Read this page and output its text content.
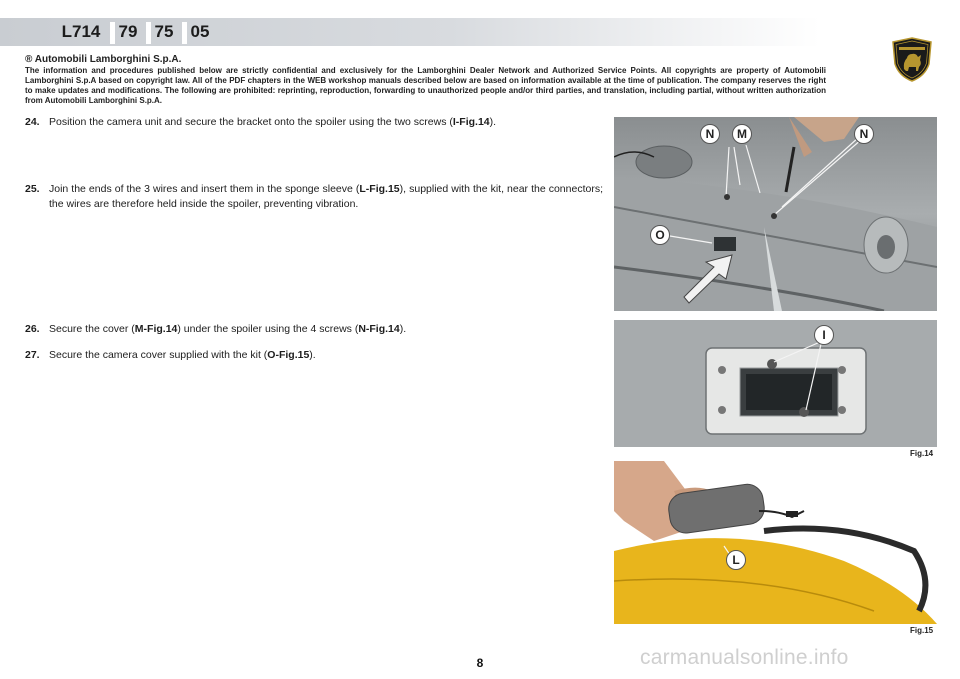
L714	79	75	05
® Automobili Lamborghini S.p.A.
The information and procedures published below are strictly confidential and exclusively for the Lamborghini Dealer Network and Authorized Service Points. All copyrights are property of Automobili Lamborghini S.p.A based on copyright law. All of the PDF chapters in the WEB workshop manuals described below are based on information available at the time of publication. The company reserves the right to make updates and modifications. The following are prohibited: reprinting, reproduction, forwarding to unauthorized people and/or third parties, and translation, including partial, without written authorization from Automobili Lamborghini S.p.A.
24. Position the camera unit and secure the bracket onto the spoiler using the two screws (I-Fig.14).
25. Join the ends of the 3 wires and insert them in the sponge sleeve (L-Fig.15), supplied with the kit, near the connectors; the wires are therefore held inside the spoiler, preventing vibration.
26. Secure the cover (M-Fig.14) under the spoiler using the 4 screws (N-Fig.14).
27. Secure the camera cover supplied with the kit (O-Fig.15).
N	M	N
O
I
Fig.14
L
Fig.15
8	carmanualsonline.info
